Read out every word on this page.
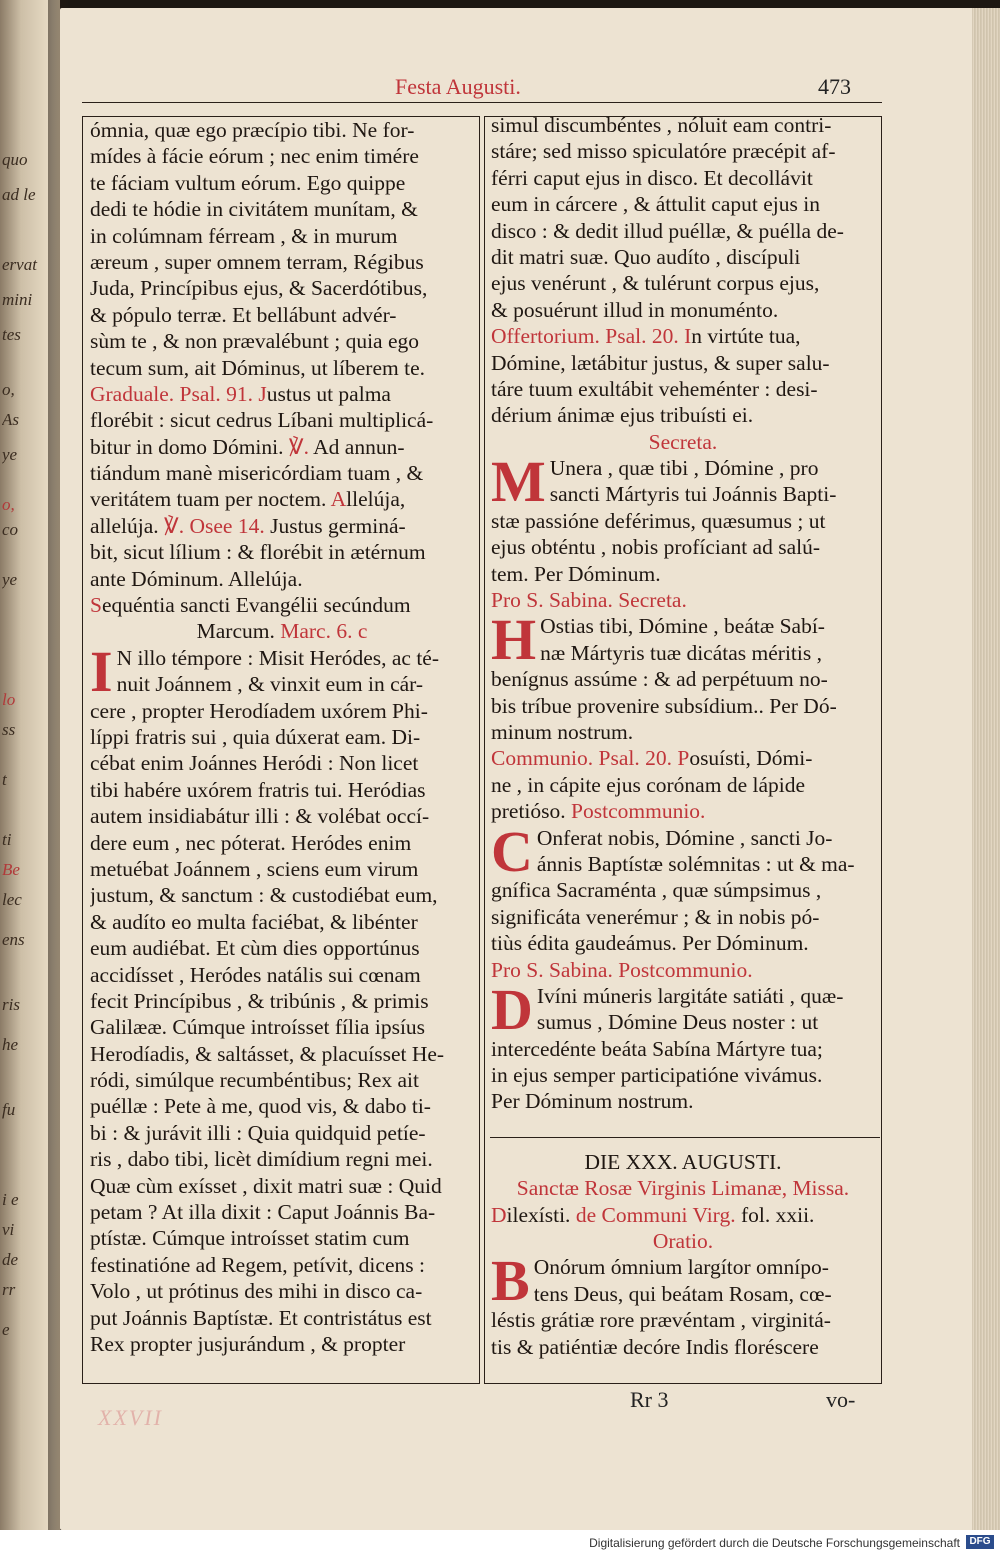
quo
ad le
ervat
mini
tes
o,
As
ye
o,
co
ye
lo
ss
t
ti
Be
lec
ens
ris
he
fu
i e
vi
de
rr
e
Festa Augusti.	473
ómnia, quæ ego præcípio tibi. Ne for-
mídes à fácie eórum ; nec enim timére
te fáciam vultum eórum. Ego quippe
dedi te hódie in civitátem munítam, &
in colúmnam férream , & in murum
æreum , super omnem terram, Régibus
Juda, Princípibus ejus, & Sacerdótibus,
& pópulo terræ. Et bellábunt advér-
sùm te , & non prævalébunt ; quia ego
tecum sum, ait Dóminus, ut líberem te.
Graduale. Psal. 91. Justus ut palma
florébit : sicut cedrus Líbani multiplicá-
bitur in domo Dómini. ℣. Ad annun-
tiándum manè misericórdiam tuam , &
veritátem tuam per noctem. Allelúja,
allelúja. ℣. Osee 14. Justus germiná-
bit, sicut lílium : & florébit in ætérnum
ante Dóminum. Allelúja.
Sequéntia sancti Evangélii secúndum
Marcum. Marc. 6. c
I N illo témpore : Misit Heródes, ac té-
nuit Joánnem , & vinxit eum in cár-
cere , propter Herodíadem uxórem Phi-
líppi fratris sui , quia dúxerat eam. Di-
cébat enim Joánnes Heródi : Non licet
tibi habére uxórem fratris tui. Heródias
autem insidiabátur illi : & volébat occí-
dere eum , nec póterat. Heródes enim
metuébat Joánnem , sciens eum virum
justum, & sanctum : & custodiébat eum,
& audíto eo multa faciébat, & libénter
eum audiébat. Et cùm dies opportúnus
accidísset , Heródes natális sui cœnam
fecit Princípibus , & tribúnis , & primis
Galilææ. Cúmque introísset fília ipsíus
Herodíadis, & saltásset, & placuísset He-
ródi, simúlque recumbéntibus; Rex ait
puéllæ : Pete à me, quod vis, & dabo ti-
bi : & jurávit illi : Quia quidquid petíe-
ris , dabo tibi, licèt dimídium regni mei.
Quæ cùm exísset , dixit matri suæ : Quid
petam ? At illa dixit : Caput Joánnis Ba-
ptístæ. Cúmque introísset statim cum
festinatióne ad Regem, petívit, dicens :
Volo , ut prótinus des mihi in disco ca-
put Joánnis Baptístæ. Et contristátus est
Rex propter jusjurándum , & propter
simul discumbéntes , nóluit eam contri-
stáre; sed misso spiculatóre præcépit af-
férri caput ejus in disco. Et decollávit
eum in cárcere , & áttulit caput ejus in
disco : & dedit illud puéllæ, & puélla de-
dit matri suæ. Quo audíto , discípuli
ejus venérunt , & tulérunt corpus ejus,
& posuérunt illud in monuménto.
Offertorium. Psal. 20. In virtúte tua,
Dómine, lætábitur justus, & super salu-
táre tuum exultábit veheménter : desi-
dérium ánimæ ejus tribuísti ei.
Secreta.
M Unera , quæ tibi , Dómine , pro
sancti Mártyris tui Joánnis Bapti-
stæ passióne deférimus, quæsumus ; ut
ejus obténtu , nobis profíciant ad salú-
tem. Per Dóminum.
Pro S. Sabina. Secreta.
H Ostias tibi, Dómine , beátæ Sabí-
næ Mártyris tuæ dicátas méritis ,
benígnus assúme : & ad perpétuum no-
bis tríbue provenire subsídium.. Per Dó-
minum nostrum.
Communio. Psal. 20. Posuísti, Dómi-
ne , in cápite ejus corónam de lápide
pretióso. Postcommunio.
C Onferat nobis, Dómine , sancti Jo-
ánnis Baptístæ solémnitas : ut & ma-
gnífica Sacraménta , quæ súmpsimus ,
significáta venerémur ; & in nobis pó-
tiùs édita gaudeámus. Per Dóminum.
Pro S. Sabina. Postcommunio.
D Ivíni múneris largitáte satiáti , quæ-
sumus , Dómine Deus noster : ut
intercedénte beáta Sabína Mártyre tua;
in ejus semper participatióne vivámus.
Per Dóminum nostrum.
DIE XXX. AUGUSTI.
Sanctæ Rosæ Virginis Limanæ, Missa.
Dilexísti. de Communi Virg. fol. xxii.
Oratio.
B Onórum ómnium largítor omnípo-
tens Deus, qui beátam Rosam, cœ-
léstis grátiæ rore prævéntam , virginitá-
tis & patiéntiæ decóre Indis floréscere
XXVII
Rr 3	vo-
Digitalisierung gefördert durch die Deutsche Forschungsgemeinschaft DFG
